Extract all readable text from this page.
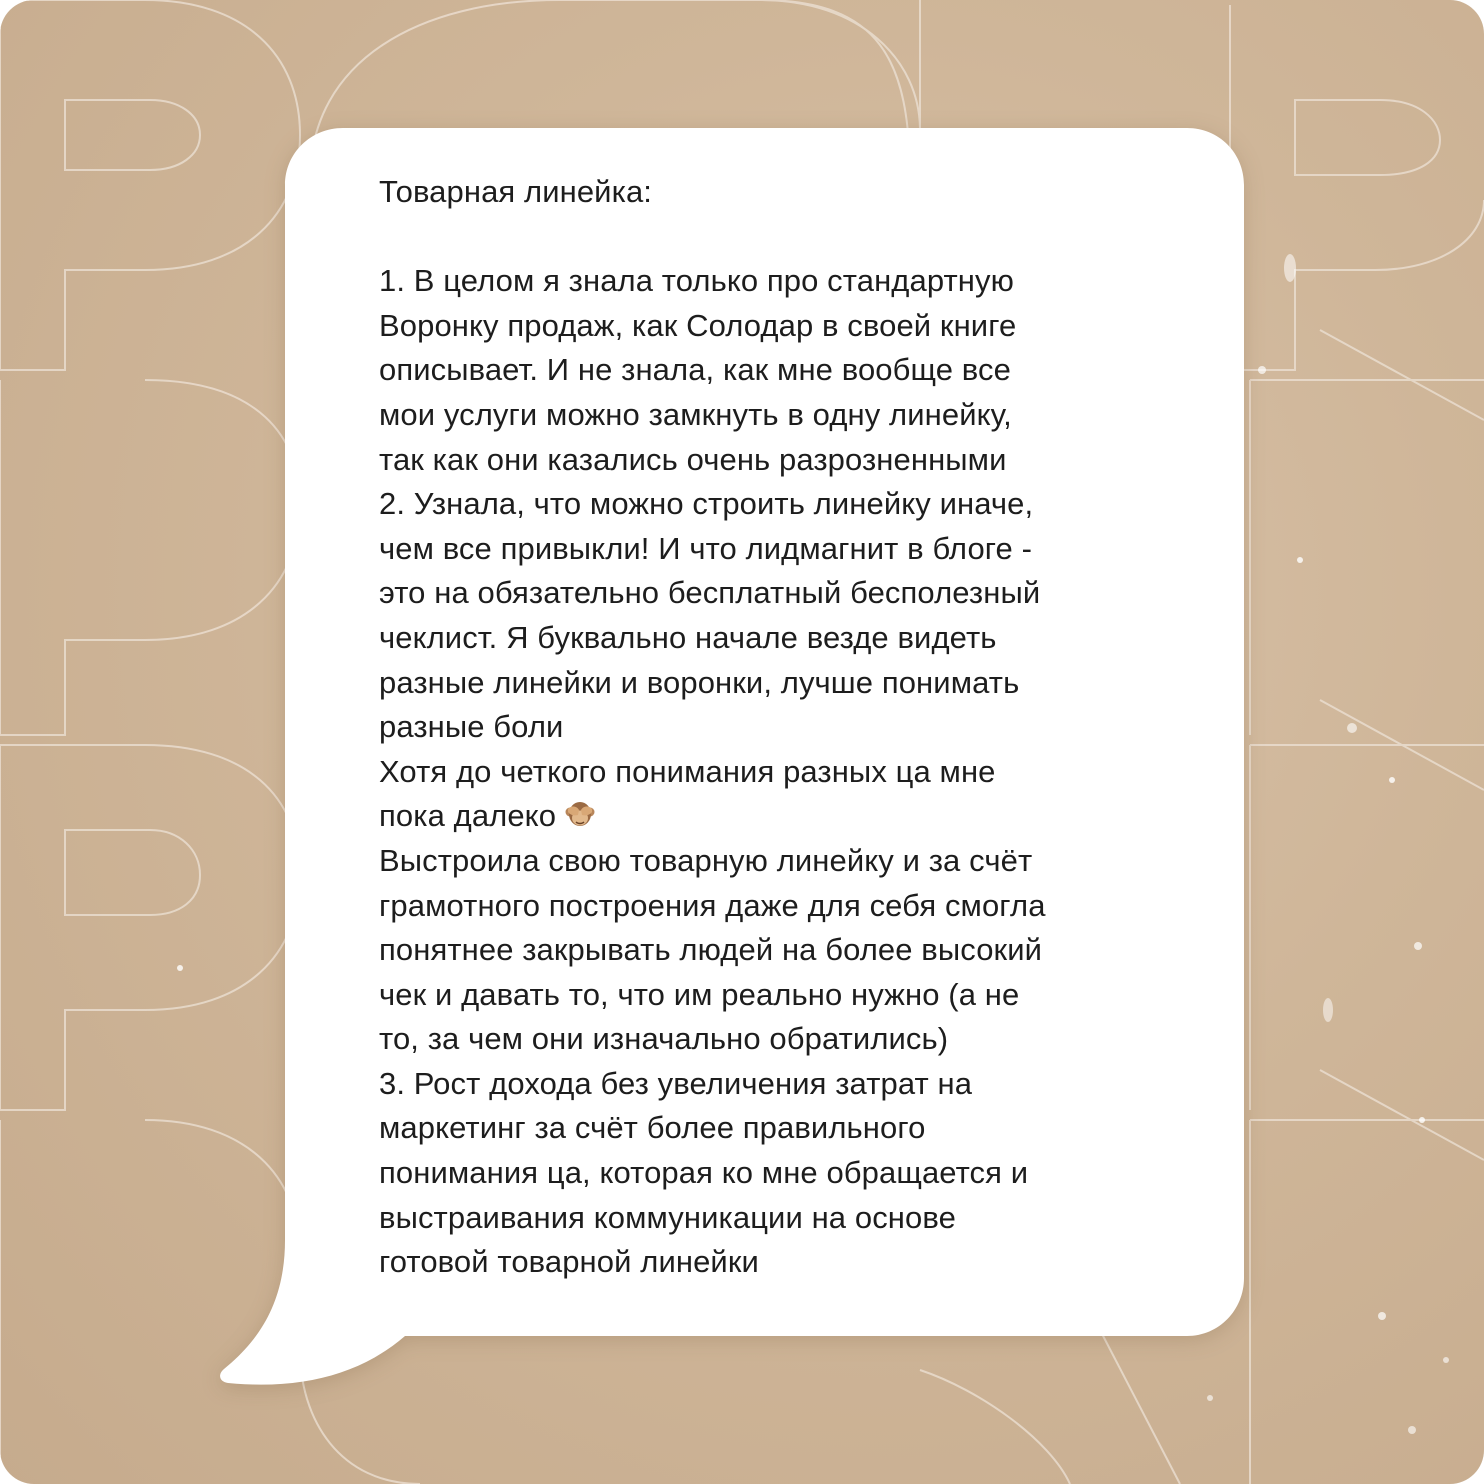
Товарная линейка:
1. В целом я знала только про стандартную
Воронку продаж, как Солодар в своей книге
описывает. И не знала, как мне вообще все
мои услуги можно замкнуть в одну линейку,
так как они казались очень разрозненными
2. Узнала, что можно строить линейку иначе,
чем все привыкли! И что лидмагнит в блоге -
это на обязательно бесплатный бесполезный
чеклист. Я буквально начале везде видеть
разные линейки и воронки, лучше понимать
разные боли
Хотя до четкого понимания разных ца мне
пока далеко
Выстроила свою товарную линейку и за счёт
грамотного построения даже для себя смогла
понятнее закрывать людей на более высокий
чек и давать то, что им реально нужно (а не
то, за чем они изначально обратились)
3. Рост дохода без увеличения затрат на
маркетинг за счёт более правильного
понимания ца, которая ко мне обращается и
выстраивания коммуникации на основе
готовой товарной линейки
